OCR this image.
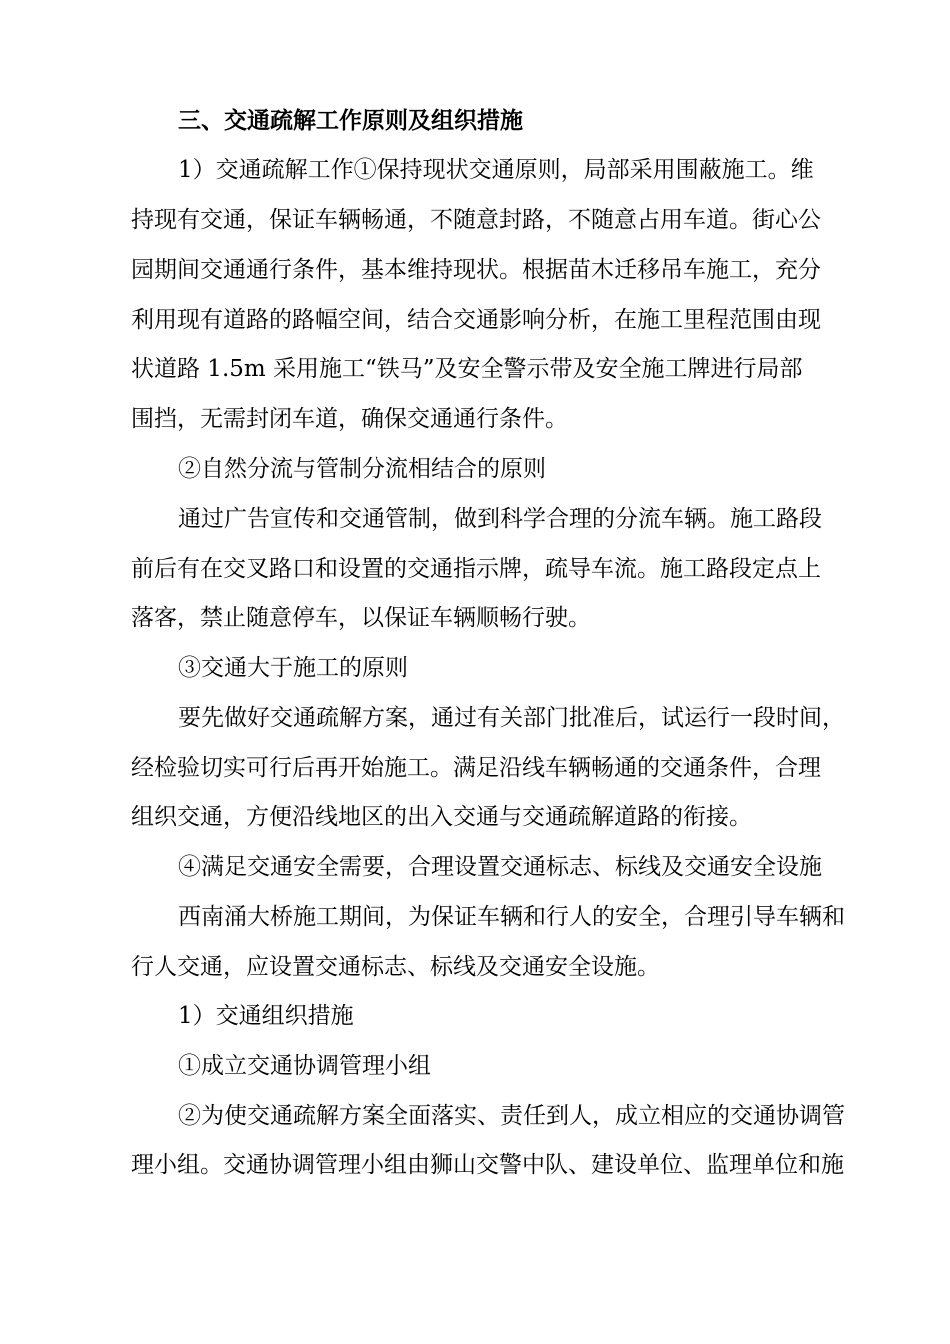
三、交通疏解工作原则及组织措施
1）交通疏解工作①保持现状交通原则，局部采用围蔽施工。维
持现有交通，保证车辆畅通，不随意封路，不随意占用车道。街心公
园期间交通通行条件，基本维持现状。根据苗木迁移吊车施工，充分
利用现有道路的路幅空间，结合交通影响分析，在施工里程范围由现
状道路 1.5m 采用施工“铁马”及安全警示带及安全施工牌进行局部
围挡，无需封闭车道，确保交通通行条件。
②自然分流与管制分流相结合的原则
通过广告宣传和交通管制，做到科学合理的分流车辆。施工路段
前后有在交叉路口和设置的交通指示牌，疏导车流。施工路段定点上
落客，禁止随意停车，以保证车辆顺畅行驶。
③交通大于施工的原则
要先做好交通疏解方案，通过有关部门批准后，试运行一段时间，
经检验切实可行后再开始施工。满足沿线车辆畅通的交通条件，合理
组织交通，方便沿线地区的出入交通与交通疏解道路的衔接。
④满足交通安全需要，合理设置交通标志、标线及交通安全设施
西南涌大桥施工期间，为保证车辆和行人的安全，合理引导车辆和
行人交通，应设置交通标志、标线及交通安全设施。
1）交通组织措施
①成立交通协调管理小组
②为使交通疏解方案全面落实、责任到人，成立相应的交通协调管
理小组。交通协调管理小组由狮山交警中队、建设单位、监理单位和施
